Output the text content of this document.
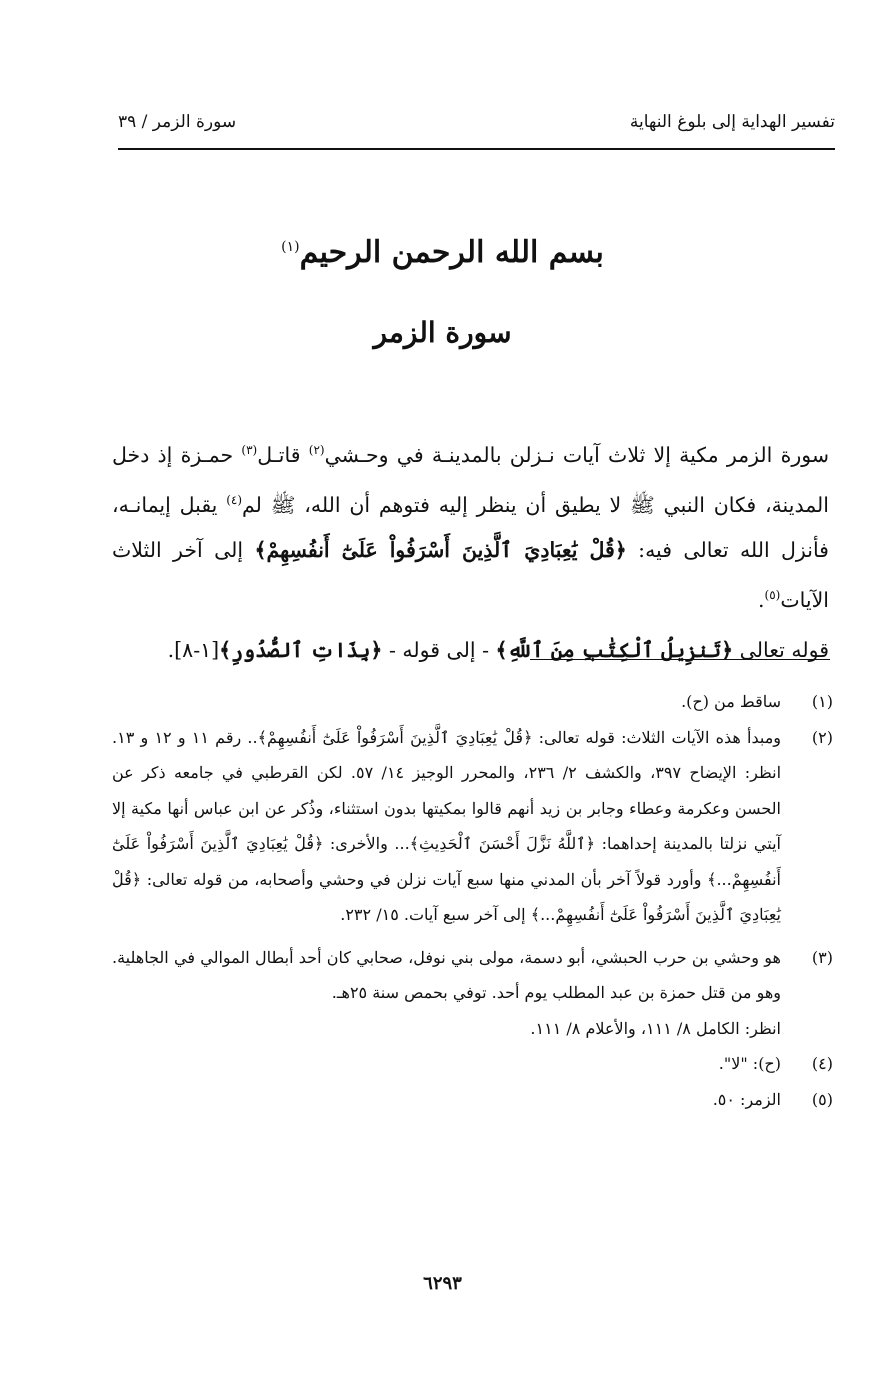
تفسير الهداية إلى بلوغ النهاية
سورة الزمر / ٣٩
بسم الله الرحمن الرحيم$^{(١)}$
سورة الزمر

سورة الزمر مكية إلا ثلاث آيات نـزلن بالمدينـة في وحـشي$^{(٢)}$ قاتـل$^{(٣)}$ حمـزة إذ دخل المدينة، فكان النبي ﷺ لا يطيق أن ينظر إليه فتوهم أن الله، ﷺ لم$^{(٤)}$ يقبل إيمانـه، فأنزل الله تعالى فيه: ﴿قُلْ يَٰعِبَادِيَ ٱلَّذِينَ أَسْرَفُواْ عَلَىٰٓ أَنفُسِهِمْ﴾ إلى آخر الثلاث الآيات$^{(٥)}$.

قوله تعالى ﴿تَنزِيلُ ٱلْكِتَٰبِ مِنَ ٱللَّهِ﴾ - إلى قوله - ﴿بِذَاتِ ٱلصُّدُورِ﴾[١-٨].

(١)

ساقط من (ح).

(٢)

ومبدأ هذه الآيات الثلاث: قوله تعالى: ﴿قُلْ يَٰعِبَادِيَ ٱلَّذِينَ أَسْرَفُواْ عَلَىٰٓ أَنفُسِهِمْ﴾.. رقم ١١ و ١٢ و ١٣. انظر: الإيضاح ٣٩٧، والكشف ٢/ ٢٣٦، والمحرر الوجيز ١٤/ ٥٧. لكن القرطبي في جامعه ذكر عن الحسن وعكرمة وعطاء وجابر بن زيد أنهم قالوا بمكيتها بدون استثناء، وذُكر عن ابن عباس أنها مكية إلا آيتي نزلتا بالمدينة إحداهما: ﴿ٱللَّهُ نَزَّلَ أَحْسَنَ ٱلْحَدِيثِ﴾... والأخرى: ﴿قُلْ يَٰعِبَادِيَ ٱلَّذِينَ أَسْرَفُواْ عَلَىٰٓ أَنفُسِهِمْ...﴾ وأورد قولاً آخر بأن المدني منها سبع آيات نزلن في وحشي وأصحابه، من قوله تعالى: ﴿قُلْ يَٰعِبَادِيَ ٱلَّذِينَ أَسْرَفُواْ عَلَىٰٓ أَنفُسِهِمْ...﴾ إلى آخر سبع آيات. ١٥/ ٢٣٢.

(٣)

هو وحشي بن حرب الحبشي، أبو دسمة، مولى بني نوفل، صحابي كان أحد أبطال الموالي في الجاهلية. وهو من قتل حمزة بن عبد المطلب يوم أحد. توفي بحمص سنة ٢٥هـ.

انظر: الكامل ٨/ ١١١، والأعلام ٨/ ١١١.

(٤)

(ح): "لا".

(٥)

الزمر: ٥٠.

٦٢٩٣
